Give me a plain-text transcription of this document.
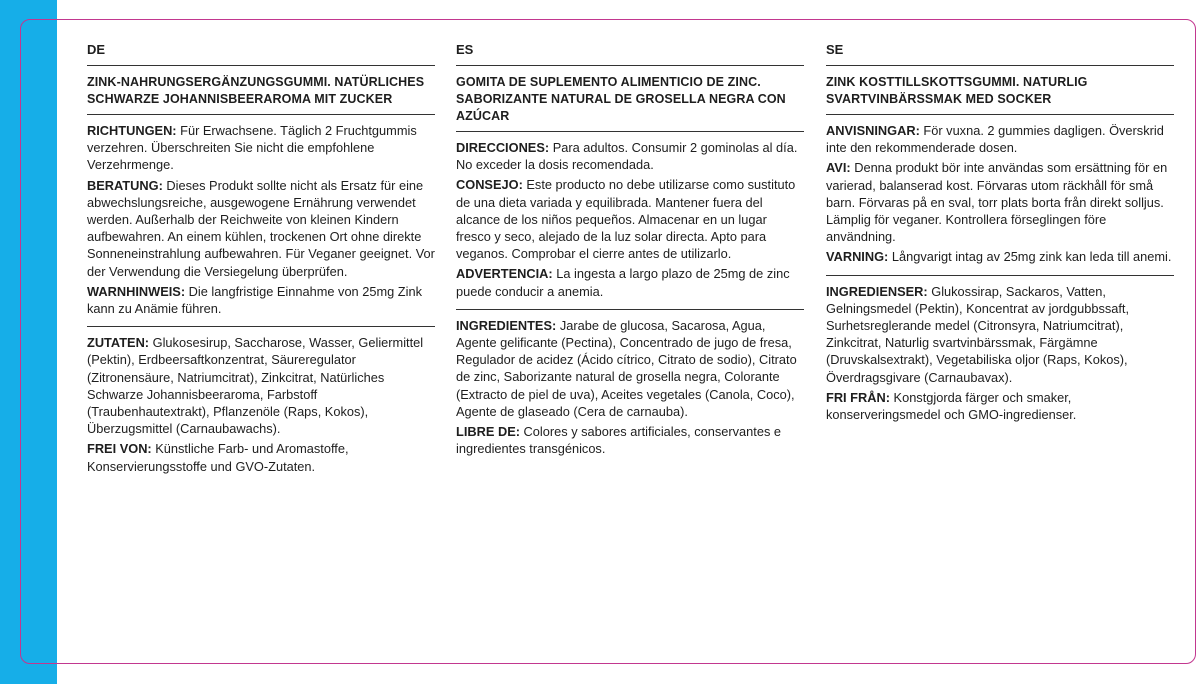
DE
ZINK-NAHRUNGSERGÄNZUNGSGUMMI. NATÜRLICHES SCHWARZE JOHANNISBEERAROMA MIT ZUCKER

RICHTUNGEN: Für Erwachsene. Täglich 2 Fruchtgummis verzehren. Überschreiten Sie nicht die empfohlene Verzehrmenge.

BERATUNG: Dieses Produkt sollte nicht als Ersatz für eine abwechslungsreiche, ausgewogene Ernährung verwendet werden. Außerhalb der Reichweite von kleinen Kindern aufbewahren. An einem kühlen, trockenen Ort ohne direkte Sonneneinstrahlung aufbewahren. Für Veganer geeignet. Vor der Verwendung die Versiegelung überprüfen.

WARNHINWEIS: Die langfristige Einnahme von 25mg Zink kann zu Anämie führen.

ZUTATEN: Glukosesirup, Saccharose, Wasser, Geliermittel (Pektin), Erdbeersaftkonzentrat, Säureregulator (Zitronensäure, Natriumcitrat), Zinkcitrat, Natürliches Schwarze Johannisbeeraroma, Farbstoff (Traubenhautextrakt), Pflanzenöle (Raps, Kokos), Überzugsmittel (Carnaubawachs).

FREI VON: Künstliche Farb- und Aromastoffe, Konservierungsstoffe und GVO-Zutaten.

ES
GOMITA DE SUPLEMENTO ALIMENTICIO DE ZINC. SABORIZANTE NATURAL DE GROSELLA NEGRA CON AZÚCAR

DIRECCIONES: Para adultos. Consumir 2 gominolas al día. No exceder la dosis recomendada.

CONSEJO: Este producto no debe utilizarse como sustituto de una dieta variada y equilibrada. Mantener fuera del alcance de los niños pequeños. Almacenar en un lugar fresco y seco, alejado de la luz solar directa. Apto para veganos. Comprobar el cierre antes de utilizarlo.

ADVERTENCIA: La ingesta a largo plazo de 25mg de zinc puede conducir a anemia.

INGREDIENTES: Jarabe de glucosa, Sacarosa, Agua, Agente gelificante (Pectina), Concentrado de jugo de fresa, Regulador de acidez (Ácido cítrico, Citrato de sodio), Citrato de zinc, Saborizante natural de grosella negra, Colorante (Extracto de piel de uva), Aceites vegetales (Canola, Coco), Agente de glaseado (Cera de carnauba).

LIBRE DE: Colores y sabores artificiales, conservantes e ingredientes transgénicos.

SE
ZINK KOSTTILLSKOTTSGUMMI. NATURLIG SVARTVINBÄRSSMAK MED SOCKER

ANVISNINGAR: För vuxna. 2 gummies dagligen. Överskrid inte den rekommenderade dosen.

AVI: Denna produkt bör inte användas som ersättning för en varierad, balanserad kost. Förvaras utom räckhåll för små barn. Förvaras på en sval, torr plats borta från direkt solljus. Lämplig för veganer. Kontrollera förseglingen före användning.

VARNING: Långvarigt intag av 25mg zink kan leda till anemi.

INGREDIENSER: Glukossirap, Sackaros, Vatten, Gelningsmedel (Pektin), Koncentrat av jordgubbssaft, Surhetsreglerande medel (Citronsyra, Natriumcitrat), Zinkcitrat, Naturlig svartvinbärssmak, Färgämne (Druvskalsextrakt), Vegetabiliska oljor (Raps, Kokos), Överdragsgivare (Carnaubavax).

FRI FRÅN: Konstgjorda färger och smaker, konserveringsmedel och GMO-ingredienser.
